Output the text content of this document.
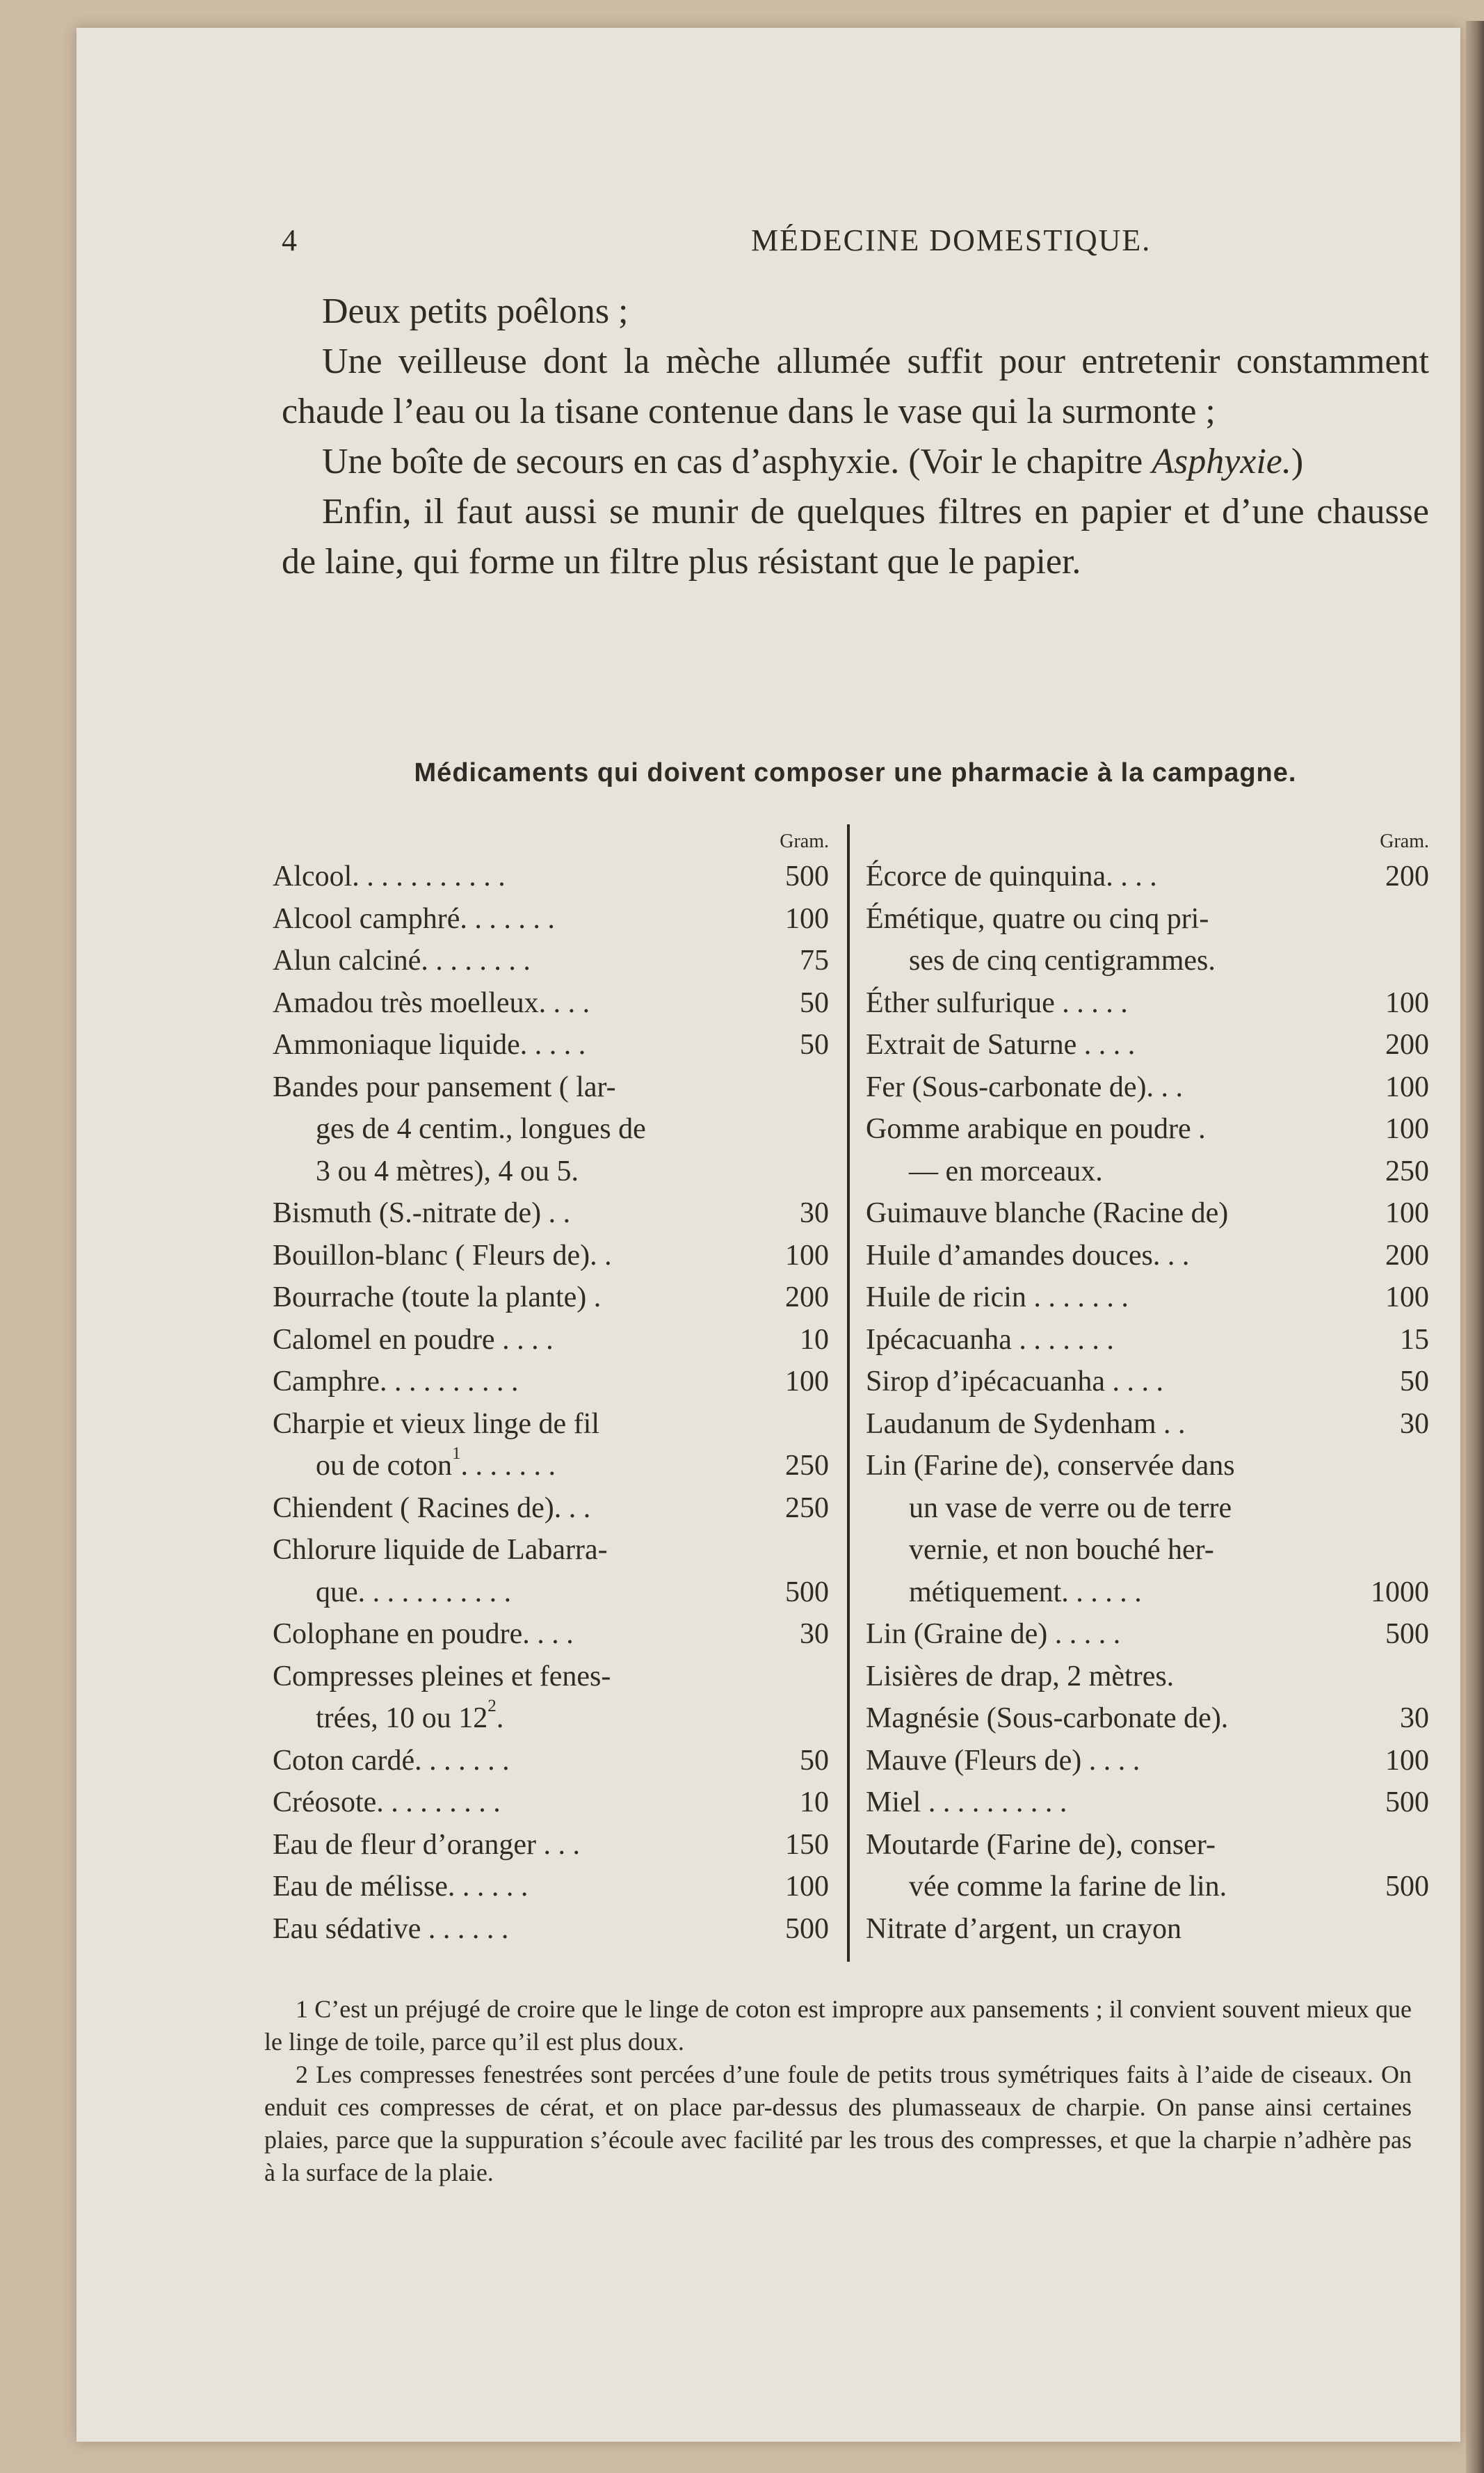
4	MÉDECINE DOMESTIQUE.

Deux petits poêlons ;

Une veilleuse dont la mèche allumée suffit pour entretenir constamment chaude l’eau ou la tisane contenue dans le vase qui la surmonte ;

Une boîte de secours en cas d’asphyxie. (Voir le chapitre Asphyxie.)

Enfin, il faut aussi se munir de quelques filtres en papier et d’une chausse de laine, qui forme un filtre plus résistant que le papier.

Médicaments qui doivent composer une pharmacie à la campagne.
Gram.
Alcool. . . . . . . . . . .	500
Alcool camphré. . . . . . .	100
Alun calciné. . . . . . . .	75
Amadou très moelleux. . . .	50
Ammoniaque liquide. . . . .	50
Bandes pour pansement ( lar-
ges de 4 centim., longues de
3 ou 4 mètres), 4 ou 5.
Bismuth (S.-nitrate de) . .	30
Bouillon-blanc ( Fleurs de). .	100
Bourrache (toute la plante) .	200
Calomel en poudre . . . .	10
Camphre. . . . . . . . . .	100
Charpie et vieux linge de fil
ou de coton$^1$. . . . . . .	250
Chiendent ( Racines de). . .	250
Chlorure liquide de Labarra-
que. . . . . . . . . . .	500
Colophane en poudre. . . .	30
Compresses pleines et fenes-
trées, 10 ou $12^2$.
Coton cardé. . . . . . .	50
Créosote. . . . . . . . .	10
Eau de fleur d’oranger . . .	150
Eau de mélisse. . . . . .	100
Eau sédative . . . . . .	500
Gram.
Écorce de quinquina. . . .	200
Émétique, quatre ou cinq pri-
ses de cinq centigrammes.
Éther sulfurique . . . . .	100
Extrait de Saturne . . . .	200
Fer (Sous-carbonate de). . .	100
Gomme arabique en poudre .	100
— en morceaux.	250
Guimauve blanche (Racine de)	100
Huile d’amandes douces. . .	200
Huile de ricin . . . . . . .	100
Ipécacuanha . . . . . . .	15
Sirop d’ipécacuanha . . . .	50
Laudanum de Sydenham . .	30
Lin (Farine de), conservée dans
un vase de verre ou de terre
vernie, et non bouché her-
métiquement. . . . . .	1000
Lin (Graine de) . . . . .	500
Lisières de drap, 2 mètres.
Magnésie (Sous-carbonate de).	30
Mauve (Fleurs de) . . . .	100
Miel . . . . . . . . . .	500
Moutarde (Farine de), conser-
vée comme la farine de lin.	500
Nitrate d’argent, un crayon

1 C’est un préjugé de croire que le linge de coton est impropre aux pansements ; il convient souvent mieux que le linge de toile, parce qu’il est plus doux.

2 Les compresses fenestrées sont percées d’une foule de petits trous symétriques faits à l’aide de ciseaux. On enduit ces compresses de cérat, et on place par-dessus des plumasseaux de charpie. On panse ainsi certaines plaies, parce que la suppuration s’écoule avec facilité par les trous des compresses, et que la charpie n’adhère pas à la surface de la plaie.
